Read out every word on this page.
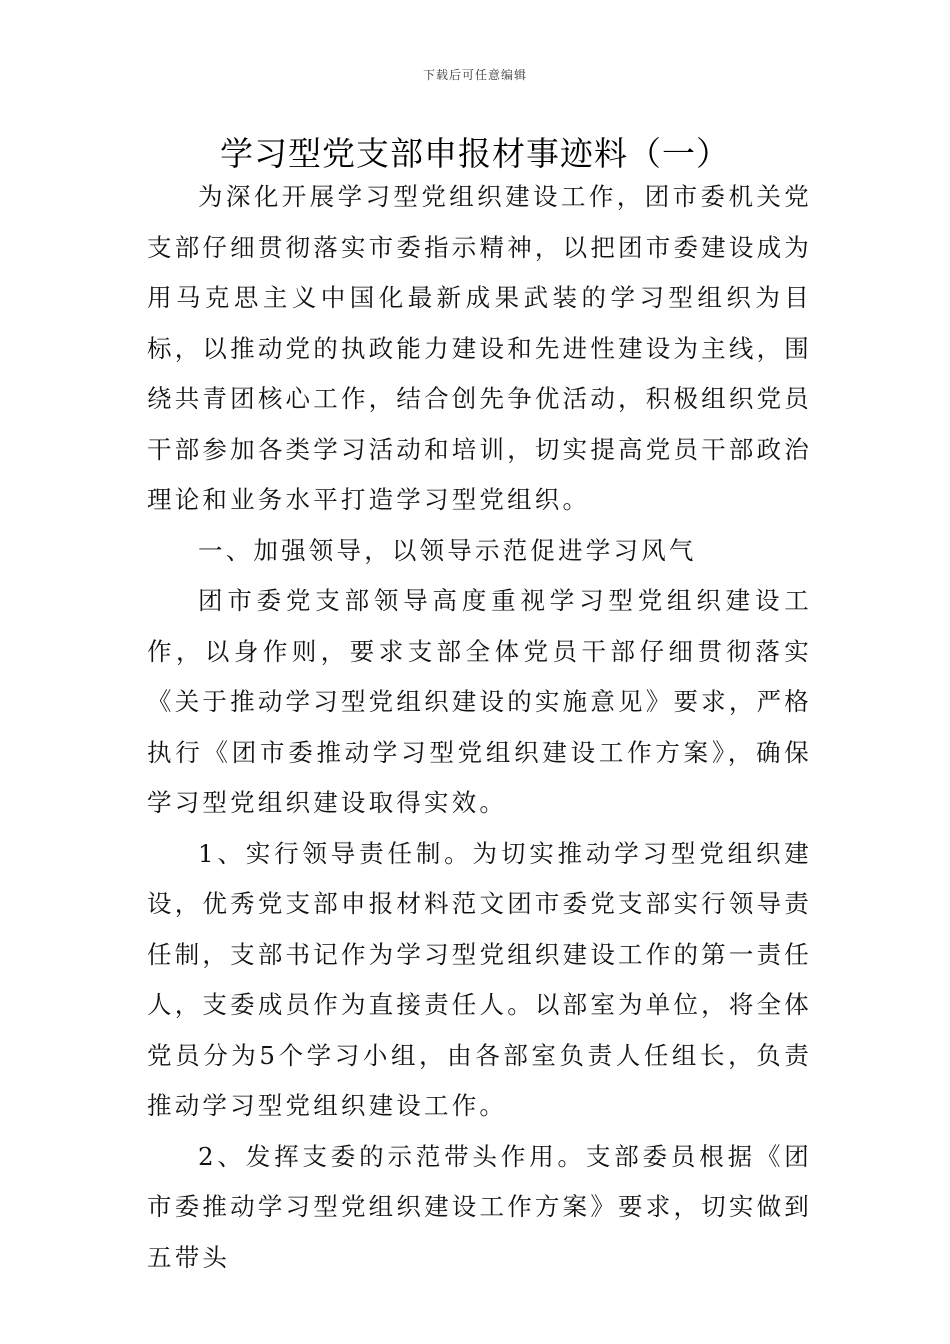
下载后可任意编辑
学习型党支部申报材事迹料（一）

为深化开展学习型党组织建设工作，团市委机关党支部仔细贯彻落实市委指示精神，以把团市委建设成为用马克思主义中国化最新成果武装的学习型组织为目标，以推动党的执政能力建设和先进性建设为主线，围绕共青团核心工作，结合创先争优活动，积极组织党员干部参加各类学习活动和培训，切实提高党员干部政治理论和业务水平打造学习型党组织。

一、加强领导，以领导示范促进学习风气

团市委党支部领导高度重视学习型党组织建设工作，以身作则，要求支部全体党员干部仔细贯彻落实《关于推动学习型党组织建设的实施意见》要求，严格执行《团市委推动学习型党组织建设工作方案》，确保学习型党组织建设取得实效。

1、实行领导责任制。为切实推动学习型党组织建设，优秀党支部申报材料范文团市委党支部实行领导责任制，支部书记作为学习型党组织建设工作的第一责任人，支委成员作为直接责任人。以部室为单位，将全体党员分为5个学习小组，由各部室负责人任组长，负责推动学习型党组织建设工作。

2、发挥支委的示范带头作用。支部委员根据《团市委推动学习型党组织建设工作方案》要求，切实做到五带头
